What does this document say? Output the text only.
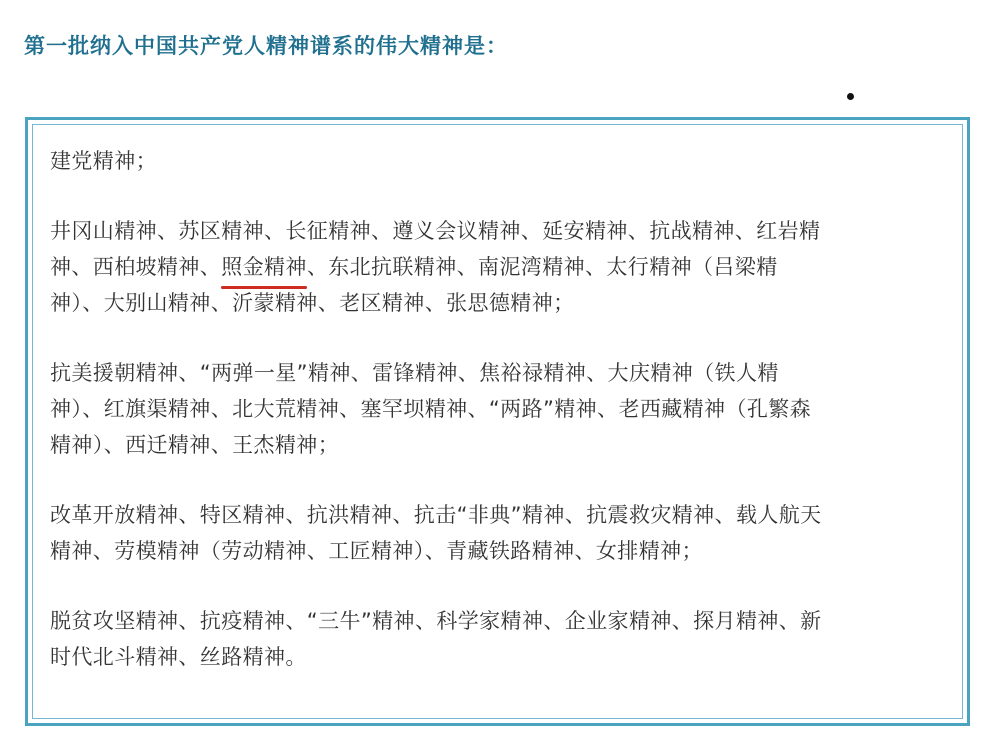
第一批纳入中国共产党人精神谱系的伟大精神是：

建党精神；

井冈山精神、苏区精神、长征精神、遵义会议精神、延安精神、抗战精神、红岩精
神、西柏坡精神、照金精神、东北抗联精神、南泥湾精神、太行精神（吕梁精
神）、大别山精神、沂蒙精神、老区精神、张思德精神；

抗美援朝精神、“两弹一星”精神、雷锋精神、焦裕禄精神、大庆精神（铁人精
神）、红旗渠精神、北大荒精神、塞罕坝精神、“两路”精神、老西藏精神（孔繁森
精神）、西迁精神、王杰精神；

改革开放精神、特区精神、抗洪精神、抗击“非典”精神、抗震救灾精神、载人航天
精神、劳模精神（劳动精神、工匠精神）、青藏铁路精神、女排精神；

脱贫攻坚精神、抗疫精神、“三牛”精神、科学家精神、企业家精神、探月精神、新
时代北斗精神、丝路精神。
